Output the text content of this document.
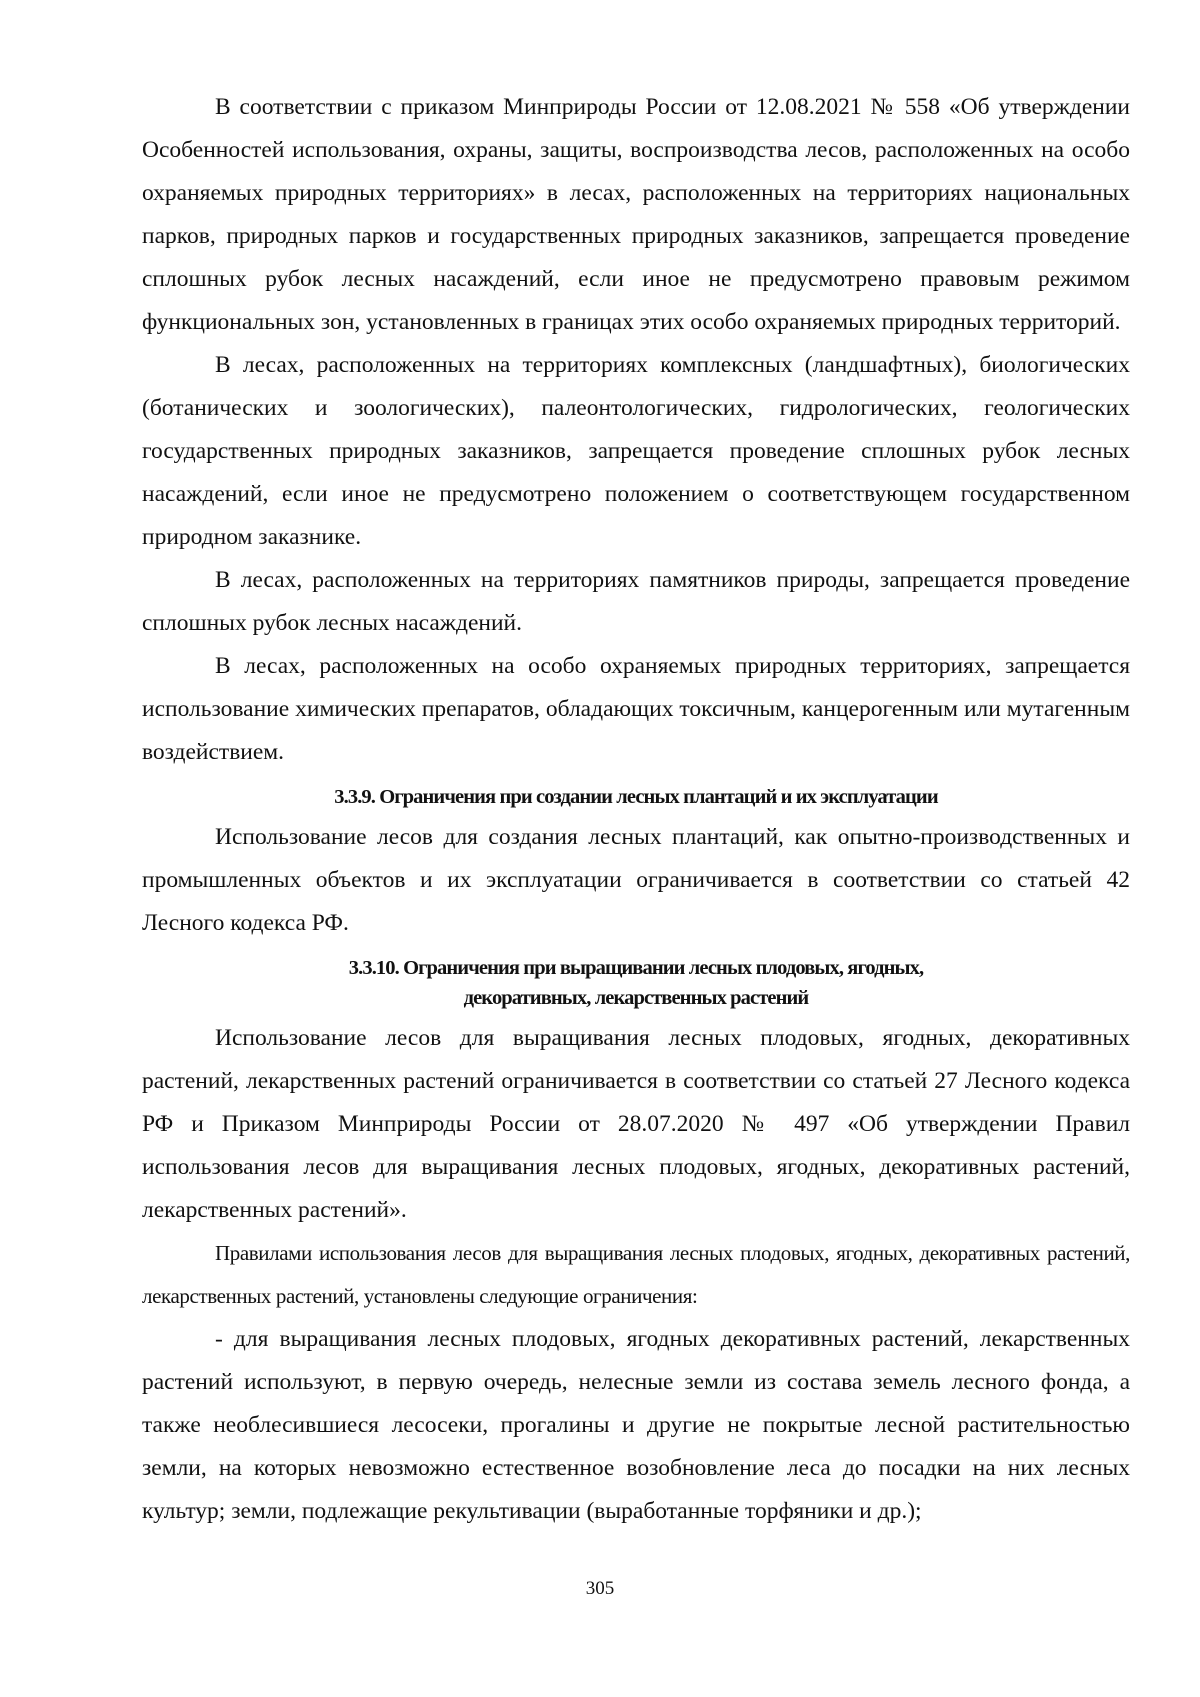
В соответствии с приказом Минприроды России от 12.08.2021 № 558 «Об утверждении Особенностей использования, охраны, защиты, воспроизводства лесов, расположенных на особо охраняемых природных территориях» в лесах, расположенных на территориях национальных парков, природных парков и государственных природных заказников, запрещается проведение сплошных рубок лесных насаждений, если иное не предусмотрено правовым режимом функциональных зон, установленных в границах этих особо охраняемых природных территорий.

В лесах, расположенных на территориях комплексных (ландшафтных), биологических (ботанических и зоологических), палеонтологических, гидрологических, геологических государственных природных заказников, запрещается проведение сплошных рубок лесных насаждений, если иное не предусмотрено положением о соответствующем государственном природном заказнике.

В лесах, расположенных на территориях памятников природы, запрещается проведение сплошных рубок лесных насаждений.

В лесах, расположенных на особо охраняемых природных территориях, запрещается использование химических препаратов, обладающих токсичным, канцерогенным или мутагенным воздействием.

3.3.9. Ограничения при создании лесных плантаций и их эксплуатации

Использование лесов для создания лесных плантаций, как опытно-производственных и промышленных объектов и их эксплуатации ограничивается в соответствии со статьей 42 Лесного кодекса РФ.

3.3.10. Ограничения при выращивании лесных плодовых, ягодных,
декоративных, лекарственных растений

Использование лесов для выращивания лесных плодовых, ягодных, декоративных растений, лекарственных растений ограничивается в соответствии со статьей 27 Лесного кодекса РФ и Приказом Минприроды России от 28.07.2020 № 497 «Об утверждении Правил использования лесов для выращивания лесных плодовых, ягодных, декоративных растений, лекарственных растений».

Правилами использования лесов для выращивания лесных плодовых, ягодных, декоративных растений, лекарственных растений, установлены следующие ограничения:

- для выращивания лесных плодовых, ягодных декоративных растений, лекарственных растений используют, в первую очередь, нелесные земли из состава земель лесного фонда, а также необлесившиеся лесосеки, прогалины и другие не покрытые лесной растительностью земли, на которых невозможно естественное возобновление леса до посадки на них лесных культур; земли, подлежащие рекультивации (выработанные торфяники и др.);

305
